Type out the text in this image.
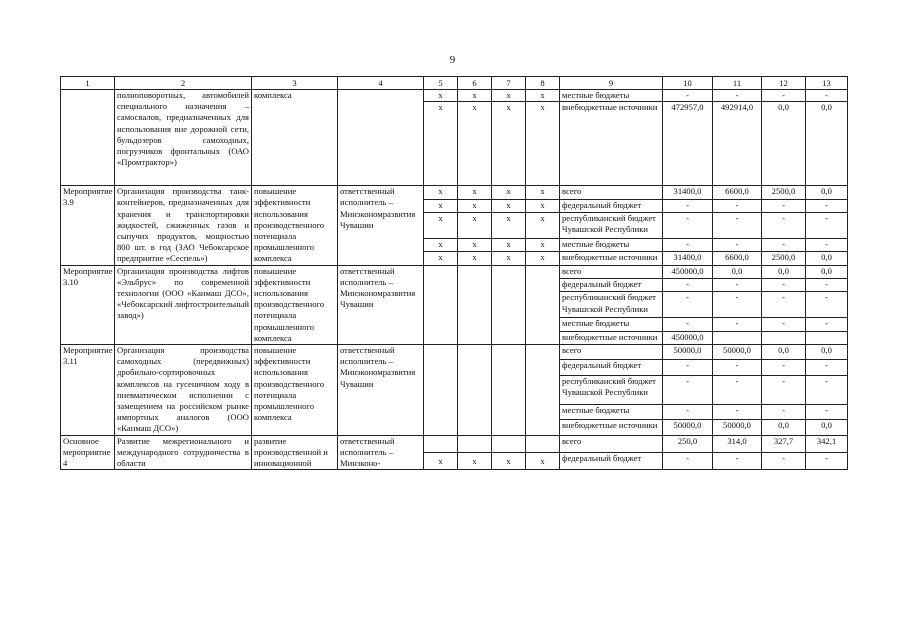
9
1	2	3	4	5	6	7	8	9	10	11	12	13
	полноповоротных, автомобилей специального назначения – самосвалов, предназначенных для использования вне дорожной сети, бульдозеров самоходных, погрузчиков фронтальных (ОАО «Промтрактор»)	комплекса		x	x	x	x	местные бюджеты	-	-	-	-
				x	x	x	x	внебюджетные источники	472957,0	492914,0	0,0	0,0
Мероприятие 3.9	Организация производства танк-контейнеров, предназначенных для хранения и транспортировки жидкостей, сжиженных газов и сыпучих продуктов, мощностью 800 шт. в год (ЗАО Чебоксарское предприятие «Сеспель»)	повышение эффективности использования производственного потенциала промышленного комплекса	ответственный исполнитель – Минэкономразвития Чувашии	x	x	x	x	всего	31400,0	6600,0	2500,0	0,0
				x	x	x	x	федеральный бюджет	-	-	-	-
				x	x	x	x	республиканский бюджет Чувашской Республики	-	-	-	-
				x	x	x	x	местные бюджеты	-	-	-	-
				x	x	x	x	внебюджетные источники	31400,0	6600,0	2500,0	0,0
Мероприятие 3.10	Организация производства лифтов «Эльбрус» по современной технологии (ООО «Канмаш ДСО», «Чебоксарский лифтостроительный завод»)	повышение эффективности использования производственного потенциала промышленного комплекса	ответственный исполнитель – Минэкономразвития Чувашии					всего	450000,0	0,0	0,0	0,0
								федеральный бюджет	-	-	-	-
								республиканский бюджет Чувашской Республики	-	-	-	-
								местные бюджеты	-	-	-	-
								внебюджетные источники	450000,0			
Мероприятие 3.11	Организация производства самоходных (передвижных) дробильно-сортировочных комплексов на гусеничном ходу в пневматическом исполнении с замещением на российском рынке импортных аналогов (ООО «Канмаш ДСО»)	повышение эффективности использования производственного потенциала промышленного комплекса	ответственный исполнитель – Минэкономразвития Чувашии					всего	50000,0	50000,0	0,0	0,0
								федеральный бюджет	-	-	-	-
								республиканский бюджет Чувашской Республики	-	-	-	-
								местные бюджеты	-	-	-	-
								внебюджетные источники	50000,0	50000,0	0,0	0,0
Основное мероприятие 4	Развитие межрегионального и международного сотрудничества в области	развитие производственной и инновационной	ответственный исполнитель – Минэконо-					всего	250,0	314,0	327,7	342,1
				x	x	x	x	федеральный бюджет	-	-	-	-
